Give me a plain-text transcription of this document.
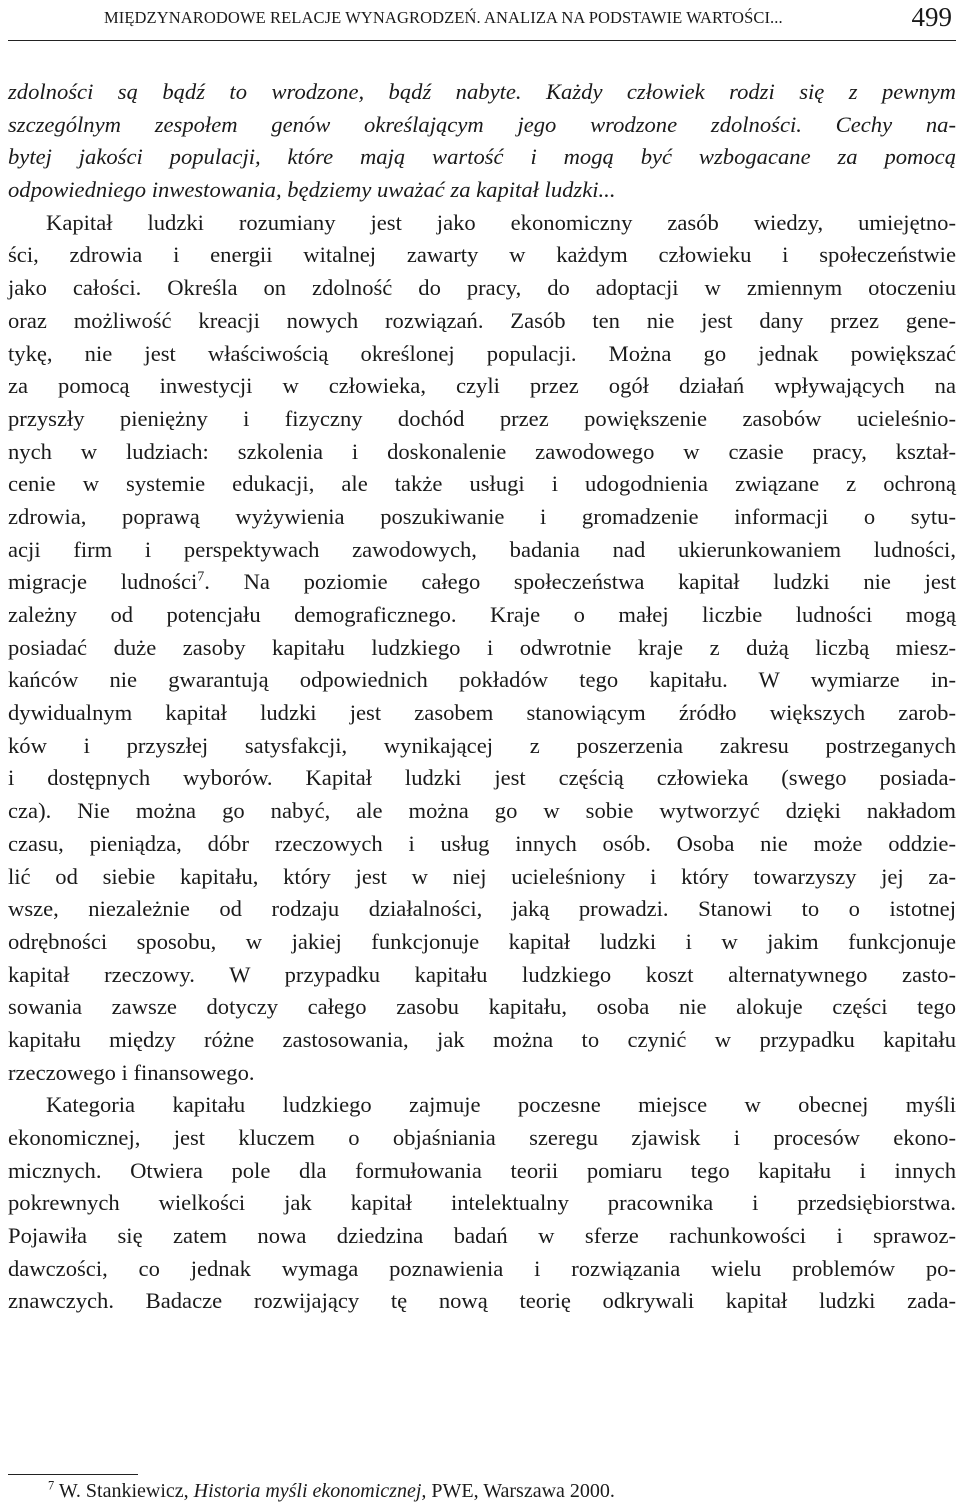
MIĘDZYNARODOWE RELACJE WYNAGRODZEŃ. ANALIZA NA PODSTAWIE WARTOŚCI...	499
zdolności są bądź to wrodzone, bądź nabyte. Każdy człowiek rodzi się z pewnym
szczególnym zespołem genów określającym jego wrodzone zdolności. Cechy na-
bytej jakości populacji, które mają wartość i mogą być wzbogacane za pomocą
odpowiedniego inwestowania, będziemy uważać za kapitał ludzki...
Kapitał ludzki rozumiany jest jako ekonomiczny zasób wiedzy, umiejętno-
ści, zdrowia i energii witalnej zawarty w każdym człowieku i społeczeństwie
jako całości. Określa on zdolność do pracy, do adoptacji w zmiennym otoczeniu
oraz możliwość kreacji nowych rozwiązań. Zasób ten nie jest dany przez gene-
tykę, nie jest właściwością określonej populacji. Można go jednak powiększać
za pomocą inwestycji w człowieka, czyli przez ogół działań wpływających na
przyszły pieniężny i fizyczny dochód przez powiększenie zasobów ucieleśnio-
nych w ludziach: szkolenia i doskonalenie zawodowego w czasie pracy, kształ-
cenie w systemie edukacji, ale także usługi i udogodnienia związane z ochroną
zdrowia, poprawą wyżywienia poszukiwanie i gromadzenie informacji o sytu-
acji firm i perspektywach zawodowych, badania nad ukierunkowaniem ludności,
migracje ludności$^7$. Na poziomie całego społeczeństwa kapitał ludzki nie jest
zależny od potencjału demograficznego. Kraje o małej liczbie ludności mogą
posiadać duże zasoby kapitału ludzkiego i odwrotnie kraje z dużą liczbą miesz-
kańców nie gwarantują odpowiednich pokładów tego kapitału. W wymiarze in-
dywidualnym kapitał ludzki jest zasobem stanowiącym źródło większych zarob-
ków i przyszłej satysfakcji, wynikającej z poszerzenia zakresu postrzeganych
i dostępnych wyborów. Kapitał ludzki jest częścią człowieka (swego posiada-
cza). Nie można go nabyć, ale można go w sobie wytworzyć dzięki nakładom
czasu, pieniądza, dóbr rzeczowych i usług innych osób. Osoba nie może oddzie-
lić od siebie kapitału, który jest w niej ucieleśniony i który towarzyszy jej za-
wsze, niezależnie od rodzaju działalności, jaką prowadzi. Stanowi to o istotnej
odrębności sposobu, w jakiej funkcjonuje kapitał ludzki i w jakim funkcjonuje
kapitał rzeczowy. W przypadku kapitału ludzkiego koszt alternatywnego zasto-
sowania zawsze dotyczy całego zasobu kapitału, osoba nie alokuje części tego
kapitału między różne zastosowania, jak można to czynić w przypadku kapitału
rzeczowego i finansowego.
Kategoria kapitału ludzkiego zajmuje poczesne miejsce w obecnej myśli
ekonomicznej, jest kluczem o objaśniania szeregu zjawisk i procesów ekono-
micznych. Otwiera pole dla formułowania teorii pomiaru tego kapitału i innych
pokrewnych wielkości jak kapitał intelektualny pracownika i przedsiębiorstwa.
Pojawiła się zatem nowa dziedzina badań w sferze rachunkowości i sprawoz-
dawczości, co jednak wymaga poznawienia i rozwiązania wielu problemów po-
znawczych. Badacze rozwijający tę nową teorię odkrywali kapitał ludzki zada-
$^7$ W. Stankiewicz, Historia myśli ekonomicznej, PWE, Warszawa 2000.
